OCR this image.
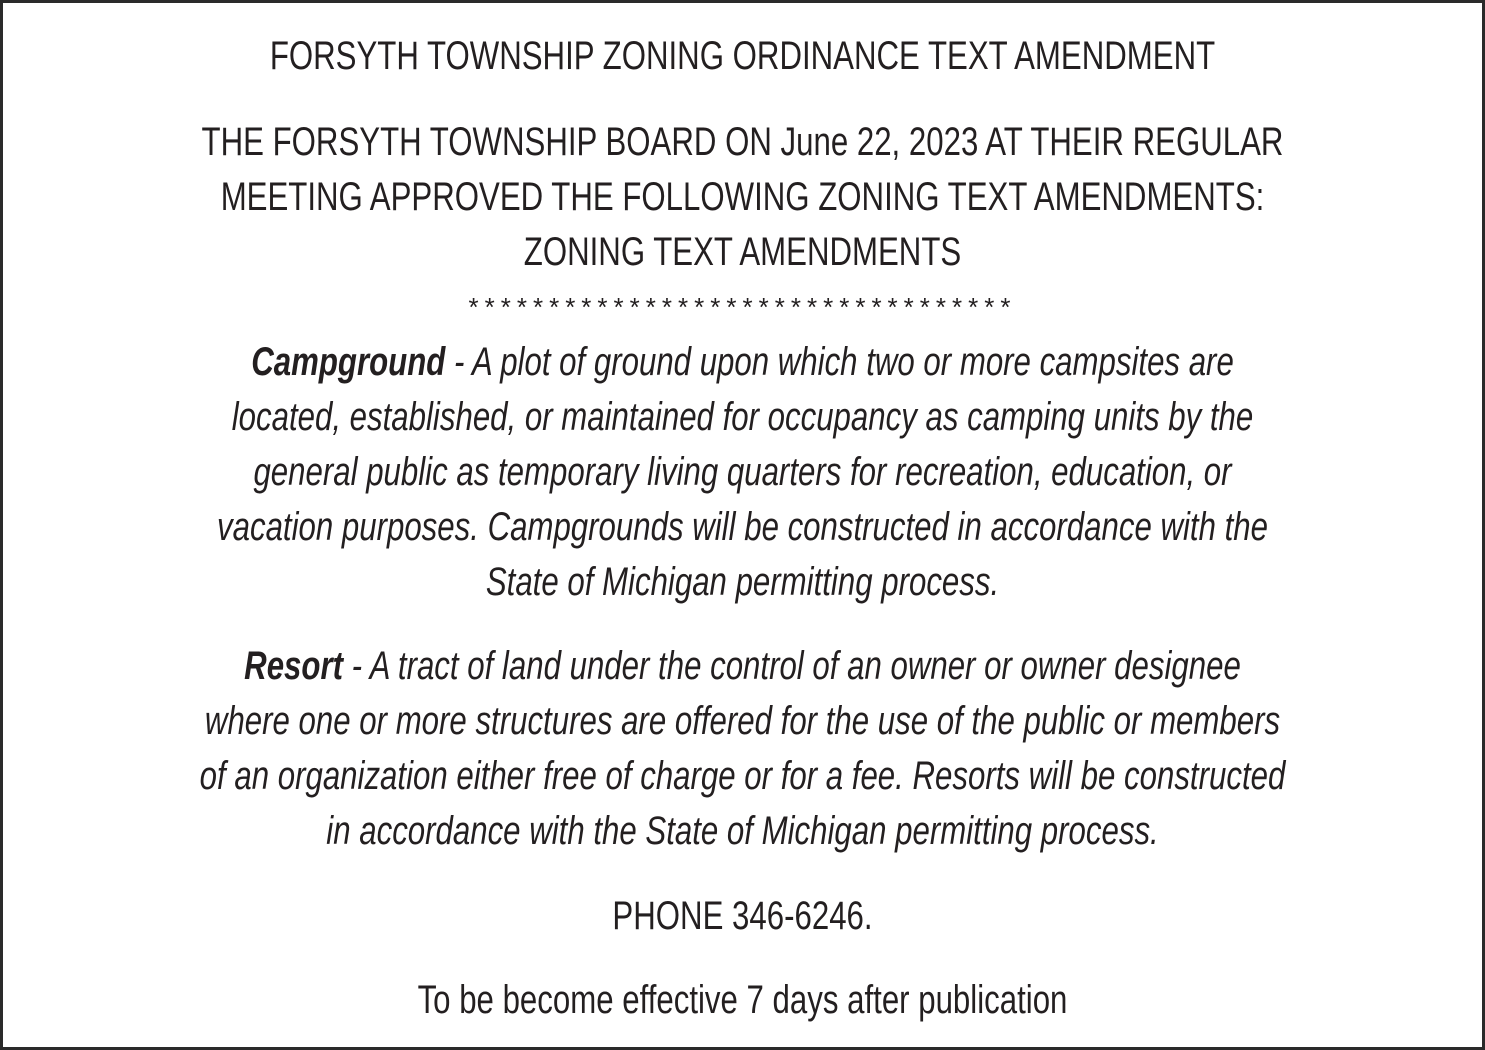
FORSYTH TOWNSHIP ZONING ORDINANCE TEXT AMENDMENT
THE FORSYTH TOWNSHIP BOARD ON June 22, 2023 AT THEIR REGULAR
MEETING APPROVED THE FOLLOWING ZONING TEXT AMENDMENTS:
ZONING TEXT AMENDMENTS
**********************************
Campground - A plot of ground upon which two or more campsites are
located, established, or maintained for occupancy as camping units by the
general public as temporary living quarters for recreation, education, or
vacation purposes. Campgrounds will be constructed in accordance with the
State of Michigan permitting process.
Resort - A tract of land under the control of an owner or owner designee
where one or more structures are offered for the use of the public or members
of an organization either free of charge or for a fee. Resorts will be constructed
in accordance with the State of Michigan permitting process.
PHONE 346-6246.
To be become effective 7 days after publication
